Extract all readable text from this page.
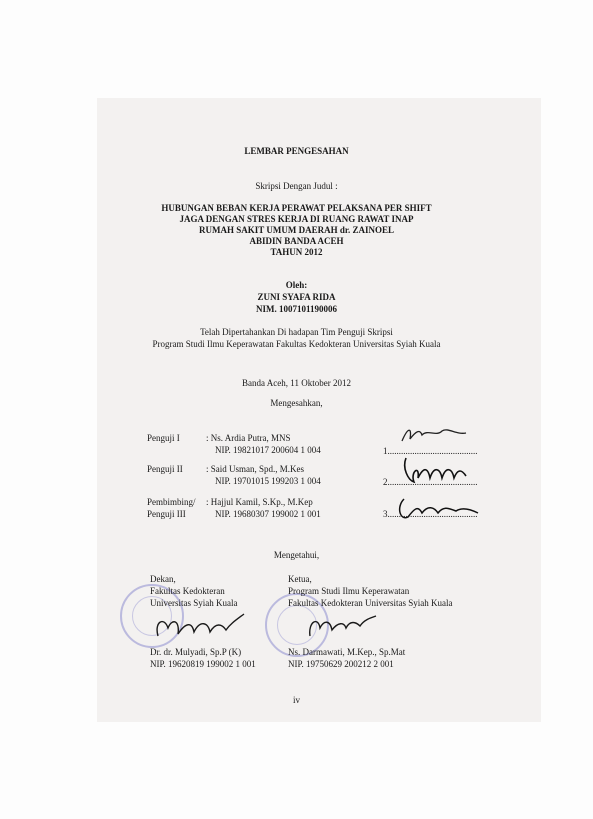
LEMBAR PENGESAHAN
Skripsi Dengan Judul :
HUBUNGAN BEBAN KERJA PERAWAT PELAKSANA PER SHIFT
JAGA DENGAN STRES KERJA DI RUANG RAWAT INAP
RUMAH SAKIT UMUM DAERAH dr. ZAINOEL
ABIDIN BANDA ACEH
TAHUN 2012
Oleh:
ZUNI SYAFA RIDA
NIM. 1007101190006
Telah Dipertahankan Di hadapan Tim Penguji Skripsi
Program Studi Ilmu Keperawatan Fakultas Kedokteran Universitas Syiah Kuala
Banda Aceh, 11 Oktober 2012
Mengesahkan,
Penguji I	: Ns. Ardia Putra, MNS
NIP. 19821017 200604 1 004	1........................................
Penguji II	: Said Usman, Spd., M.Kes
NIP. 19701015 199203 1 004	2........................................
Pembimbing/
Penguji III
: Hajjul Kamil, S.Kp., M.Kep
NIP. 19680307 199002 1 001	3........................................
Mengetahui,
Dekan,
Fakultas Kedokteran
Universitas Syiah Kuala
Dr. dr. Mulyadi, Sp.P (K)
NIP. 19620819 199002 1 001
Ketua,
Program Studi Ilmu Keperawatan
Fakultas Kedokteran Universitas Syiah Kuala
Ns. Darmawati, M.Kep., Sp.Mat
NIP. 19750629 200212 2 001
iv
